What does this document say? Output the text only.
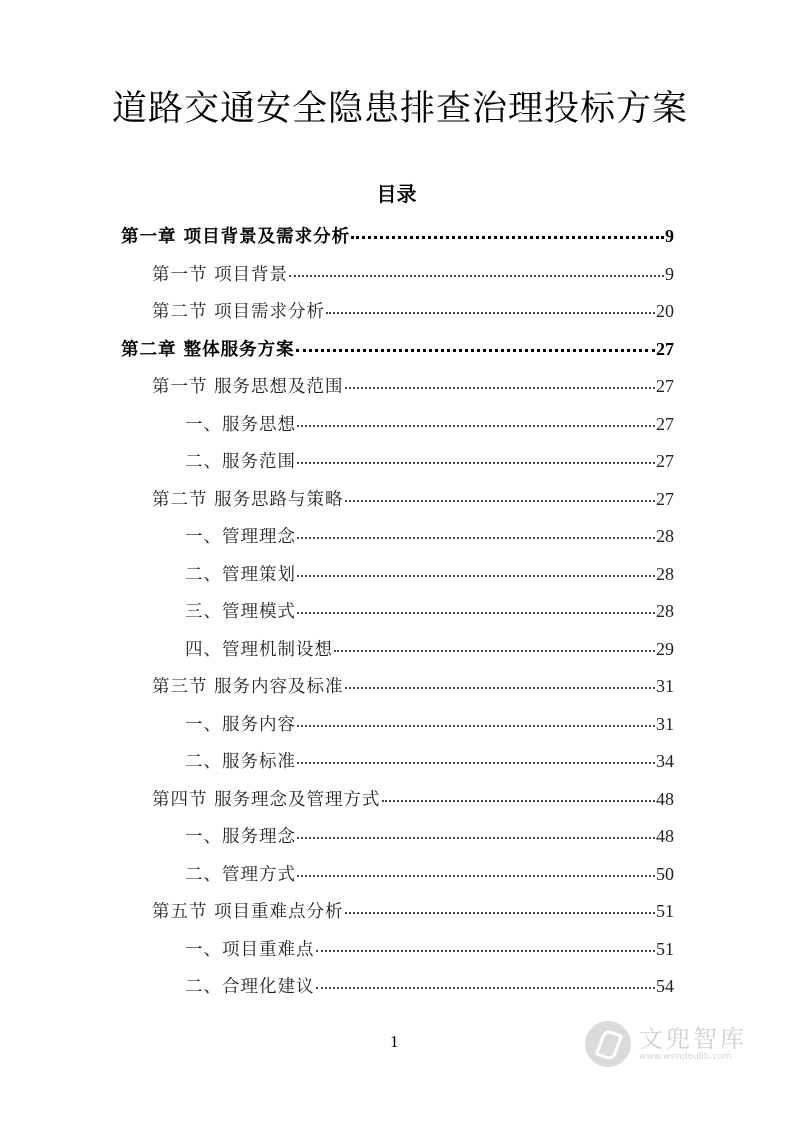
道路交通安全隐患排查治理投标方案
目录
第一章 项目背景及需求分析	9
第一节 项目背景	9
第二节 项目需求分析	20
第二章 整体服务方案	27
第一节 服务思想及范围	27
一、服务思想	27
二、服务范围	27
第二节 服务思路与策略	27
一、管理理念	28
二、管理策划	28
三、管理模式	28
四、管理机制设想	29
第三节 服务内容及标准	31
一、服务内容	31
二、服务标准	34
第四节 服务理念及管理方式	48
一、服务理念	48
二、管理方式	50
第五节 项目重难点分析	51
一、项目重难点	51
二、合理化建议	54
1	文兜智库
www.wendoulib.com
